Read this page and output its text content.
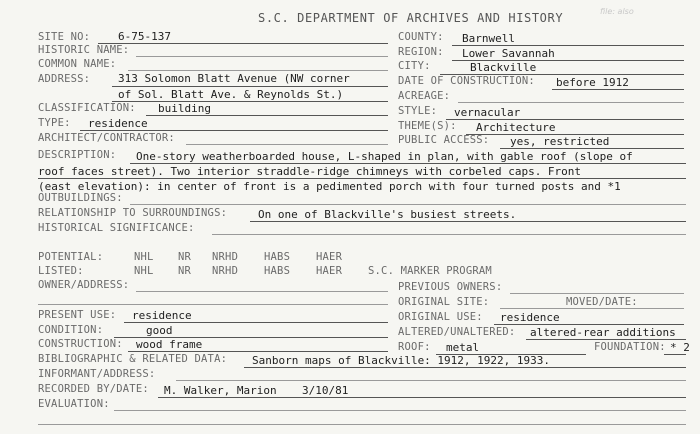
S.C. DEPARTMENT OF ARCHIVES AND HISTORY	file: also
SITE NO:	6-75-137
HISTORIC NAME:
COMMON NAME:
ADDRESS:	313 Solomon Blatt Avenue (NW corner
of Sol. Blatt Ave. & Reynolds St.)
CLASSIFICATION: building
TYPE: residence
ARCHITECT/CONTRACTOR:
COUNTY: Barnwell
REGION: Lower Savannah
CITY:	Blackville
DATE OF CONSTRUCTION: before 1912
ACREAGE:
STYLE: vernacular
THEME(S): Architecture
PUBLIC ACCESS: yes, restricted
DESCRIPTION: One-story weatherboarded house, L-shaped in plan, with gable roof (slope of
roof faces street). Two interior straddle-ridge chimneys with corbeled caps. Front
(east elevation): in center of front is a pedimented porch with four turned posts and *1
OUTBUILDINGS:
RELATIONSHIP TO SURROUNDINGS:	On one of Blackville's busiest streets.
HISTORICAL SIGNIFICANCE:
POTENTIAL:	NHL NR NRHD HABS HAER
LISTED:	NHL NR NRHD HABS HAER S.C. MARKER PROGRAM
OWNER/ADDRESS:	PREVIOUS OWNERS:
ORIGINAL SITE:	MOVED/DATE:
PRESENT USE: residence	ORIGINAL USE: residence
CONDITION:	good	ALTERED/UNALTERED: altered-rear additions
CONSTRUCTION: wood frame	ROOF: metal	FOUNDATION: * 2
BIBLIOGRAPHIC & RELATED DATA: Sanborn maps of Blackville: 1912, 1922, 1933.
INFORMANT/ADDRESS:
RECORDED BY/DATE: M. Walker, Marion 3/10/81
EVALUATION:
